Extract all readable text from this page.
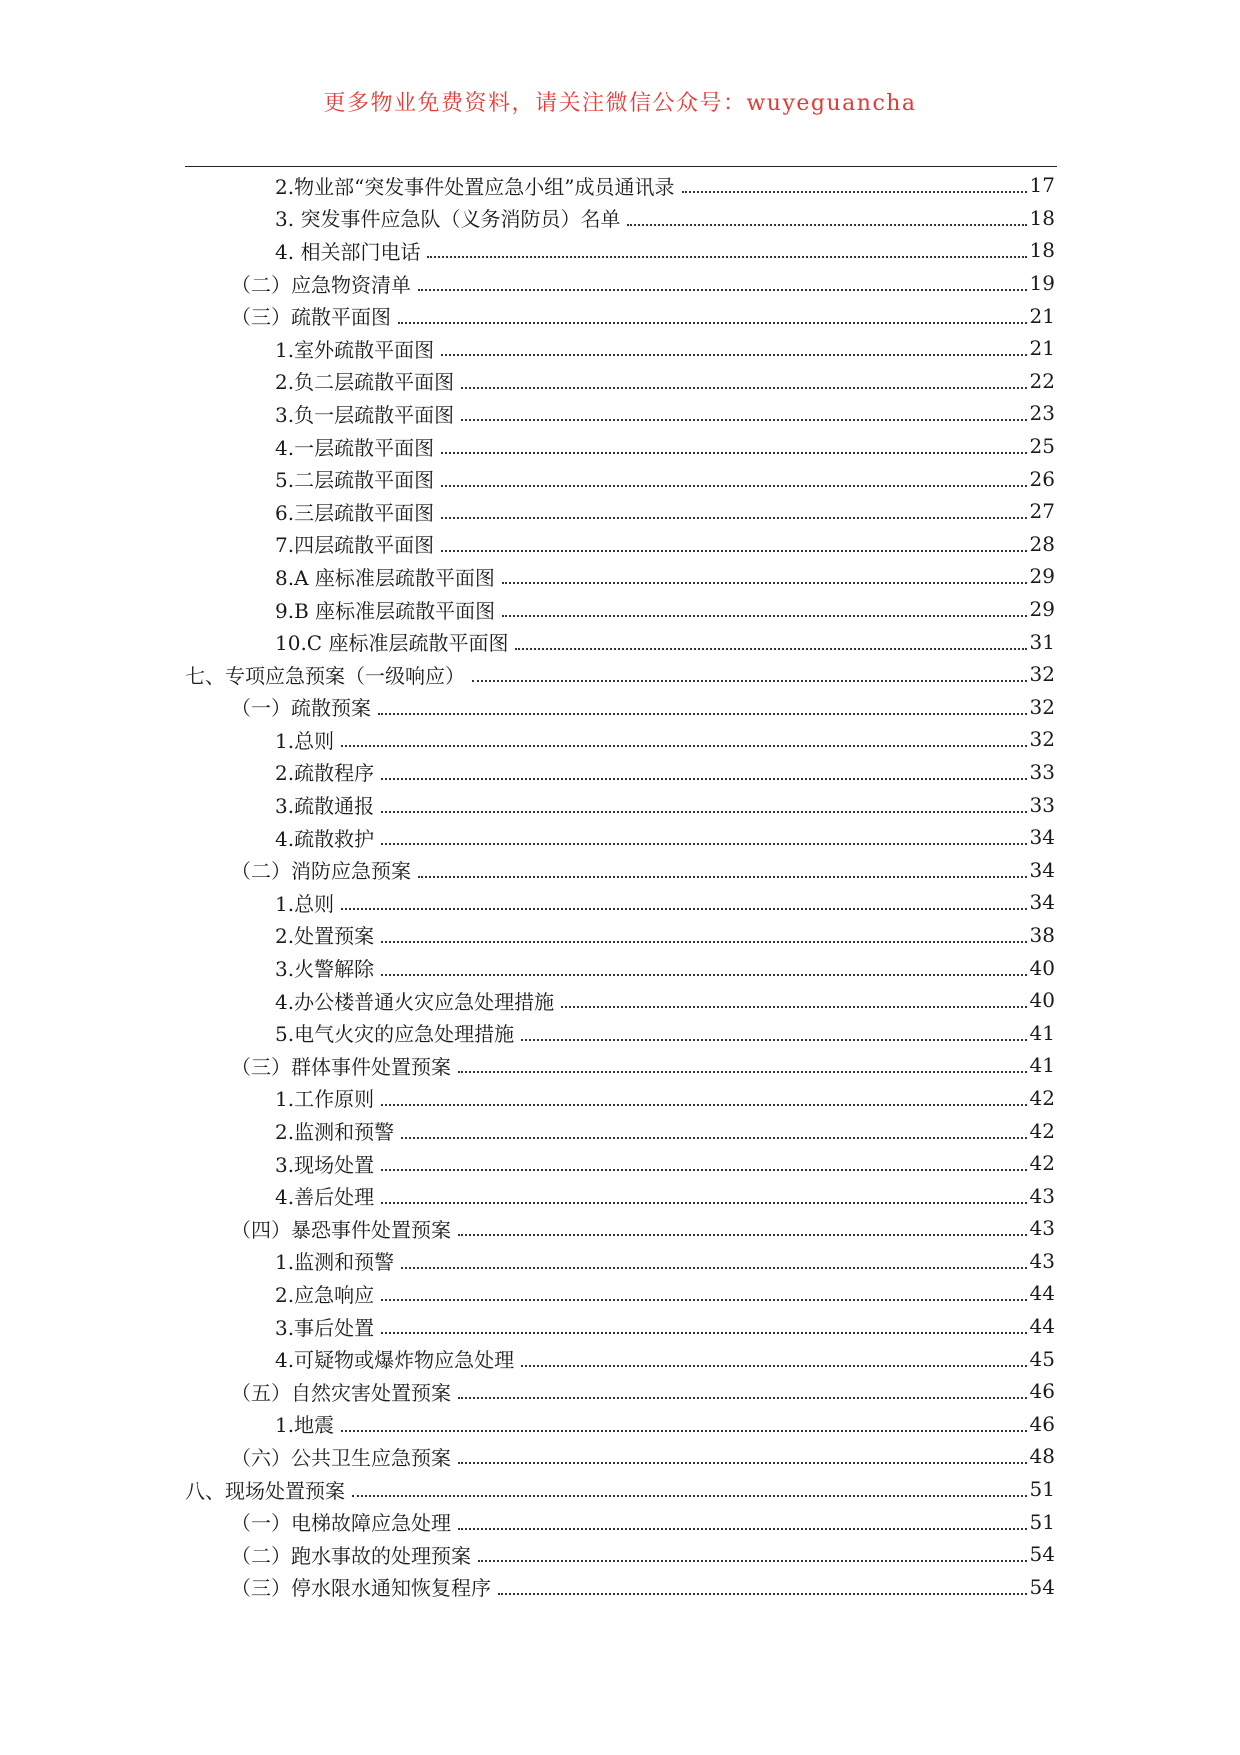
更多物业免费资料，请关注微信公众号：wuyeguancha
2.物业部“突发事件处置应急小组”成员通讯录	17
3. 突发事件应急队（义务消防员）名单	18
4. 相关部门电话	18
（二）应急物资清单	19
（三）疏散平面图	21
1.室外疏散平面图	21
2.负二层疏散平面图	22
3.负一层疏散平面图	23
4.一层疏散平面图	25
5.二层疏散平面图	26
6.三层疏散平面图	27
7.四层疏散平面图	28
8.A 座标准层疏散平面图	29
9.B 座标准层疏散平面图	29
10.C 座标准层疏散平面图	31
七、专项应急预案（一级响应）	32
（一）疏散预案	32
1.总则	32
2.疏散程序	33
3.疏散通报	33
4.疏散救护	34
（二）消防应急预案	34
1.总则	34
2.处置预案	38
3.火警解除	40
4.办公楼普通火灾应急处理措施	40
5.电气火灾的应急处理措施	41
（三）群体事件处置预案	41
1.工作原则	42
2.监测和预警	42
3.现场处置	42
4.善后处理	43
（四）暴恐事件处置预案	43
1.监测和预警	43
2.应急响应	44
3.事后处置	44
4.可疑物或爆炸物应急处理	45
（五）自然灾害处置预案	46
1.地震	46
（六）公共卫生应急预案	48
八、现场处置预案	51
（一）电梯故障应急处理	51
（二）跑水事故的处理预案	54
（三）停水限水通知恢复程序	54
